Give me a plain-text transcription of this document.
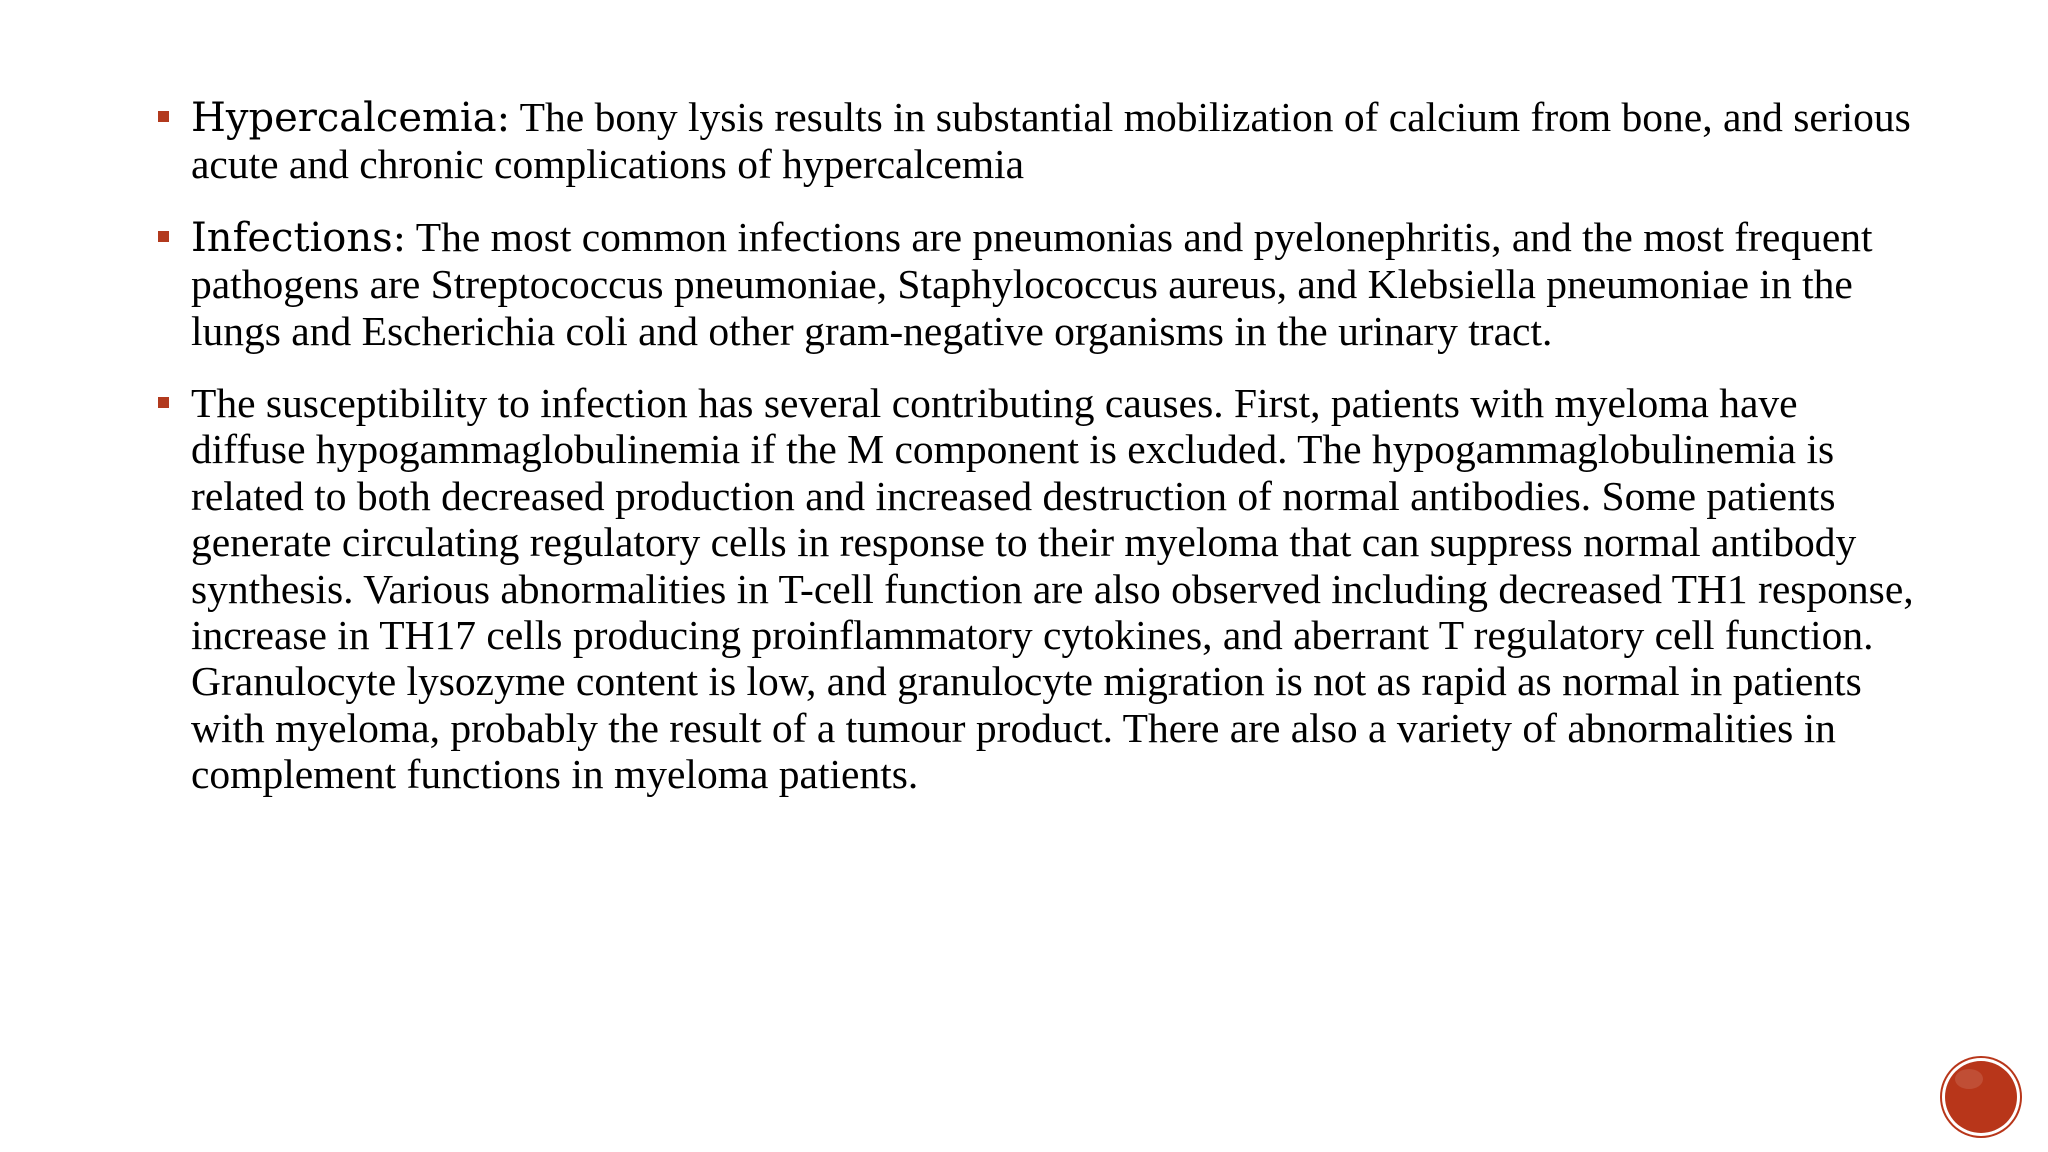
Hypercalcemia: The bony lysis results in substantial mobilization of calcium from bone, and serious acute and chronic complications of hypercalcemia
Infections: The most common infections are pneumonias and pyelonephritis, and the most frequent pathogens are Streptococcus pneumoniae, Staphylococcus aureus, and Klebsiella pneumoniae in the lungs and Escherichia coli and other gram-negative organisms in the urinary tract.
The susceptibility to infection has several contributing causes. First, patients with myeloma have diffuse hypogammaglobulinemia if the M component is excluded. The hypogammaglobulinemia is related to both decreased production and increased destruction of normal antibodies. Some patients generate circulating regulatory cells in response to their myeloma that can suppress normal antibody synthesis. Various abnormalities in T-cell function are also observed including decreased TH1 response, increase in TH17 cells producing proinflammatory cytokines, and aberrant T regulatory cell function. Granulocyte lysozyme content is low, and granulocyte migration is not as rapid as normal in patients with myeloma, probably the result of a tumour product. There are also a variety of abnormalities in complement functions in myeloma patients.
